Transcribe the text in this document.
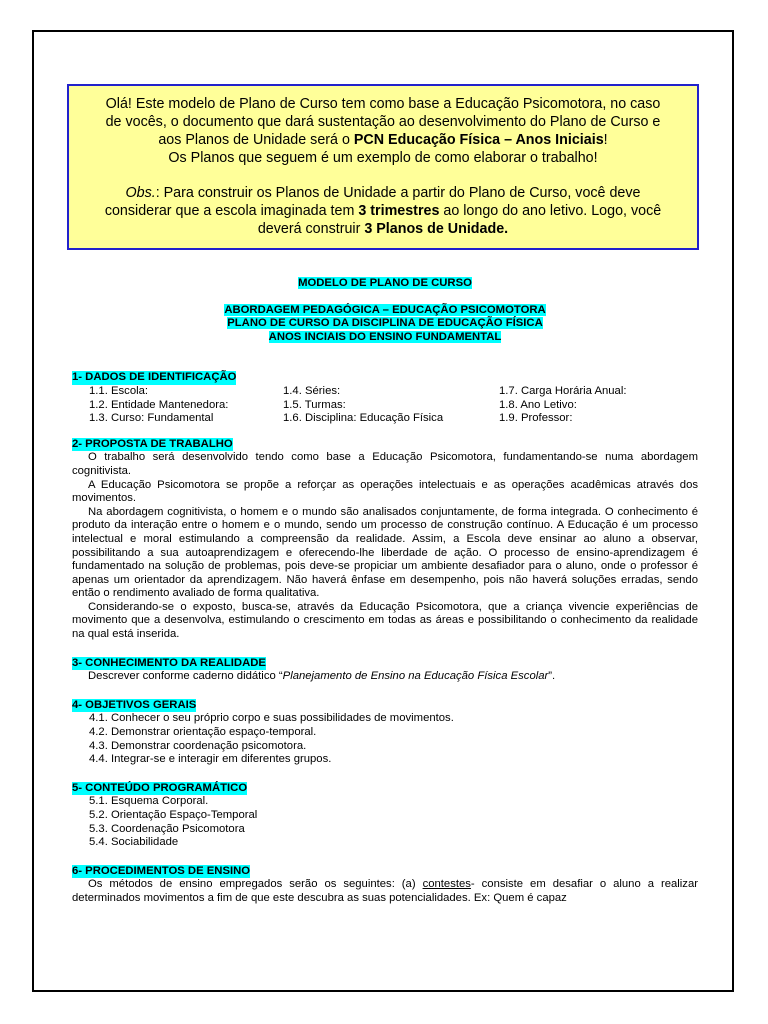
Olá! Este modelo de Plano de Curso tem como base a Educação Psicomotora, no caso

de vocês, o documento que dará sustentação ao desenvolvimento do Plano de Curso e

aos Planos de Unidade será o PCN Educação Física – Anos Iniciais!

Os Planos que seguem é um exemplo de como elaborar o trabalho!

Obs.: Para construir os Planos de Unidade a partir do Plano de Curso, você deve

considerar que a escola imaginada tem 3 trimestres ao longo do ano letivo. Logo, você

deverá construir 3 Planos de Unidade.

MODELO DE PLANO DE CURSO
ABORDAGEM PEDAGÓGICA – EDUCAÇÃO PSICOMOTORA
PLANO DE CURSO DA DISCIPLINA DE EDUCAÇÃO FÍSICA
ANOS INCIAIS DO ENSINO FUNDAMENTAL
1- DADOS DE IDENTIFICAÇÃO
1.1. Escola:	1.4. Séries:	1.7. Carga Horária Anual:
1.2. Entidade Mantenedora:	1.5. Turmas:	1.8. Ano Letivo:
1.3. Curso: Fundamental	1.6. Disciplina: Educação Física	1.9. Professor:
2- PROPOSTA DE TRABALHO

O trabalho será desenvolvido tendo como base a Educação Psicomotora, fundamentando-se numa abordagem cognitivista.

A Educação Psicomotora se propõe a reforçar as operações intelectuais e as operações acadêmicas através dos movimentos.

Na abordagem cognitivista, o homem e o mundo são analisados conjuntamente, de forma integrada. O conhecimento é produto da interação entre o homem e o mundo, sendo um processo de construção contínuo. A Educação é um processo intelectual e moral estimulando a compreensão da realidade. Assim, a Escola deve ensinar ao aluno a observar, possibilitando a sua autoaprendizagem e oferecendo-lhe liberdade de ação. O processo de ensino-aprendizagem é fundamentado na solução de problemas, pois deve-se propiciar um ambiente desafiador para o aluno, onde o professor é apenas um orientador da aprendizagem. Não haverá ênfase em desempenho, pois não haverá soluções erradas, sendo então o rendimento avaliado de forma qualitativa.

Considerando-se o exposto, busca-se, através da Educação Psicomotora, que a criança vivencie experiências de movimento que a desenvolva, estimulando o crescimento em todas as áreas e possibilitando o conhecimento da realidade na qual está inserida.

3- CONHECIMENTO DA REALIDADE

Descrever conforme caderno didático “Planejamento de Ensino na Educação Física Escolar”.

4- OBJETIVOS GERAIS

4.1. Conhecer o seu próprio corpo e suas possibilidades de movimentos.

4.2. Demonstrar orientação espaço-temporal.

4.3. Demonstrar coordenação psicomotora.

4.4. Integrar-se e interagir em diferentes grupos.

5- CONTEÚDO PROGRAMÁTICO

5.1. Esquema Corporal.

5.2. Orientação Espaço-Temporal

5.3. Coordenação Psicomotora

5.4. Sociabilidade

6- PROCEDIMENTOS DE ENSINO

Os métodos de ensino empregados serão os seguintes: (a) contestes- consiste em desafiar o aluno a realizar determinados movimentos a fim de que este descubra as suas potencialidades. Ex: Quem é capaz
